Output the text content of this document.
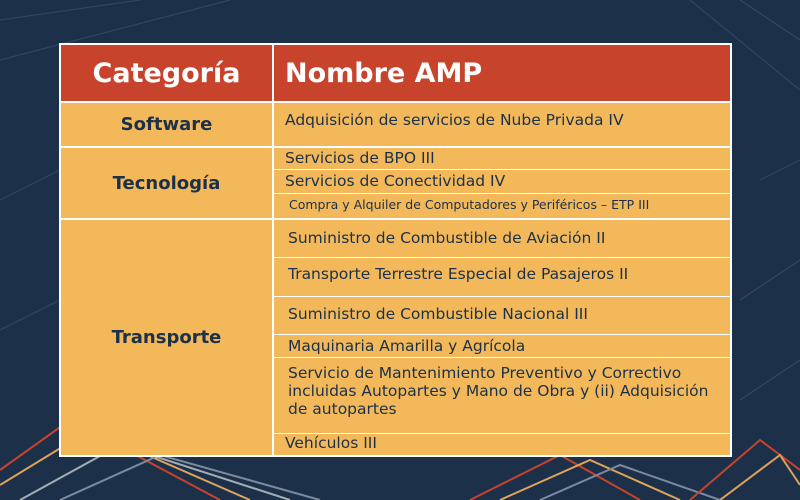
Categoría	Nombre AMP
Software
Tecnología
Transporte
Adquisición de servicios de Nube Privada IV
Servicios de BPO III
Servicios de Conectividad IV
Compra y Alquiler de Computadores y Periféricos – ETP III
Suministro de Combustible de Aviación II
Transporte Terrestre Especial de Pasajeros II
Suministro de Combustible Nacional III
Maquinaria Amarilla y Agrícola
Servicio de Mantenimiento Preventivo y Correctivo incluidas Autopartes y Mano de Obra y (ii) Adquisición de autopartes
Vehículos III
